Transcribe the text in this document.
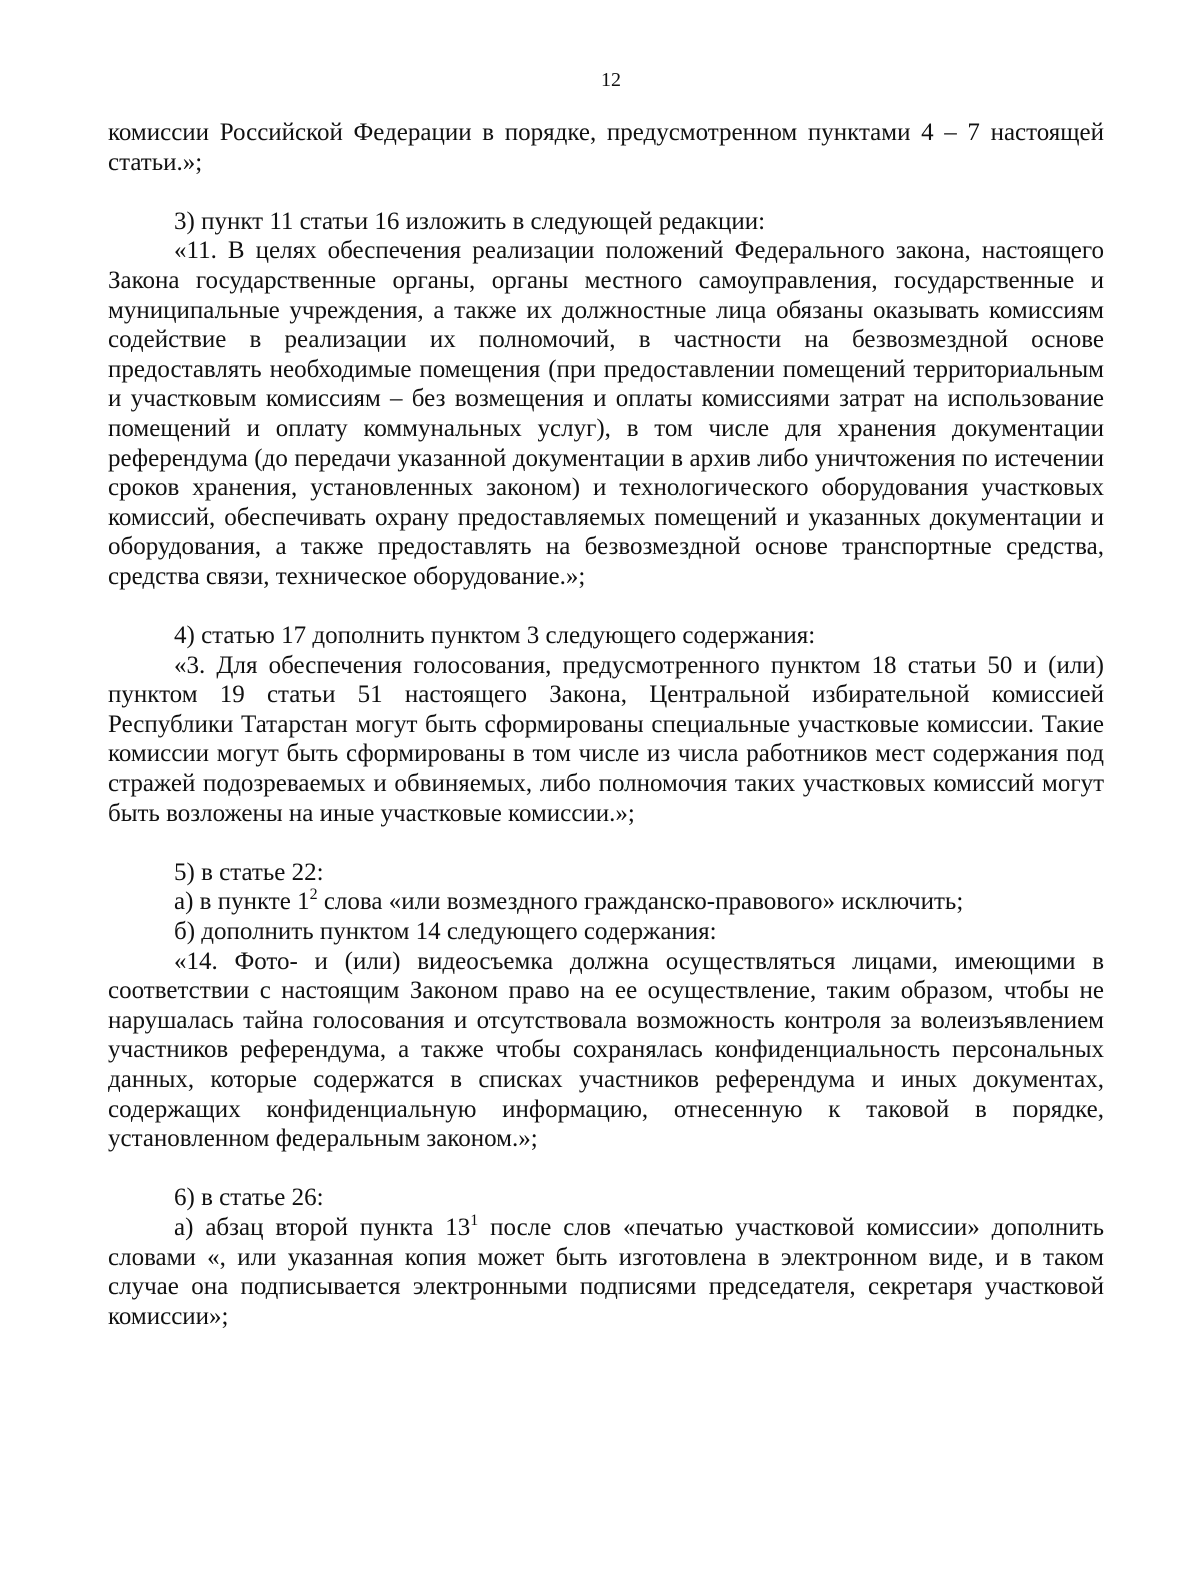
12

комиссии Российской Федерации в порядке, предусмотренном пунктами 4 – 7 настоящей статьи.»;

3) пункт 11 статьи 16 изложить в следующей редакции:

«11. В целях обеспечения реализации положений Федерального закона, настоящего Закона государственные органы, органы местного самоуправления, государственные и муниципальные учреждения, а также их должностные лица обязаны оказывать комиссиям содействие в реализации их полномочий, в частности на безвозмездной основе предоставлять необходимые помещения (при предоставлении помещений территориальным и участковым комиссиям – без возмещения и оплаты комиссиями затрат на использование помещений и оплату коммунальных услуг), в том числе для хранения документации референдума (до передачи указанной документации в архив либо уничтожения по истечении сроков хранения, установленных законом) и технологического оборудования участковых комиссий, обеспечивать охрану предоставляемых помещений и указанных документации и оборудования, а также предоставлять на безвозмездной основе транспортные средства, средства связи, техническое оборудование.»;

4) статью 17 дополнить пунктом 3 следующего содержания:

«3. Для обеспечения голосования, предусмотренного пунктом 18 статьи 50 и (или) пунктом 19 статьи 51 настоящего Закона, Центральной избирательной комиссией Республики Татарстан могут быть сформированы специальные участковые комиссии. Такие комиссии могут быть сформированы в том числе из числа работников мест содержания под стражей подозреваемых и обвиняемых, либо полномочия таких участковых комиссий могут быть возложены на иные участковые комиссии.»;

5) в статье 22:

а) в пункте $1^2$ слова «или возмездного гражданско-правового» исключить;

б) дополнить пунктом 14 следующего содержания:

«14. Фото- и (или) видеосъемка должна осуществляться лицами, имеющими в соответствии с настоящим Законом право на ее осуществление, таким образом, чтобы не нарушалась тайна голосования и отсутствовала возможность контроля за волеизъявлением участников референдума, а также чтобы сохранялась конфиденциальность персональных данных, которые содержатся в списках участников референдума и иных документах, содержащих конфиденциальную информацию, отнесенную к таковой в порядке, установленном федеральным законом.»;

6) в статье 26:

а) абзац второй пункта $13^1$ после слов «печатью участковой комиссии» дополнить словами «, или указанная копия может быть изготовлена в электронном виде, и в таком случае она подписывается электронными подписями председателя, секретаря участковой комиссии»;
